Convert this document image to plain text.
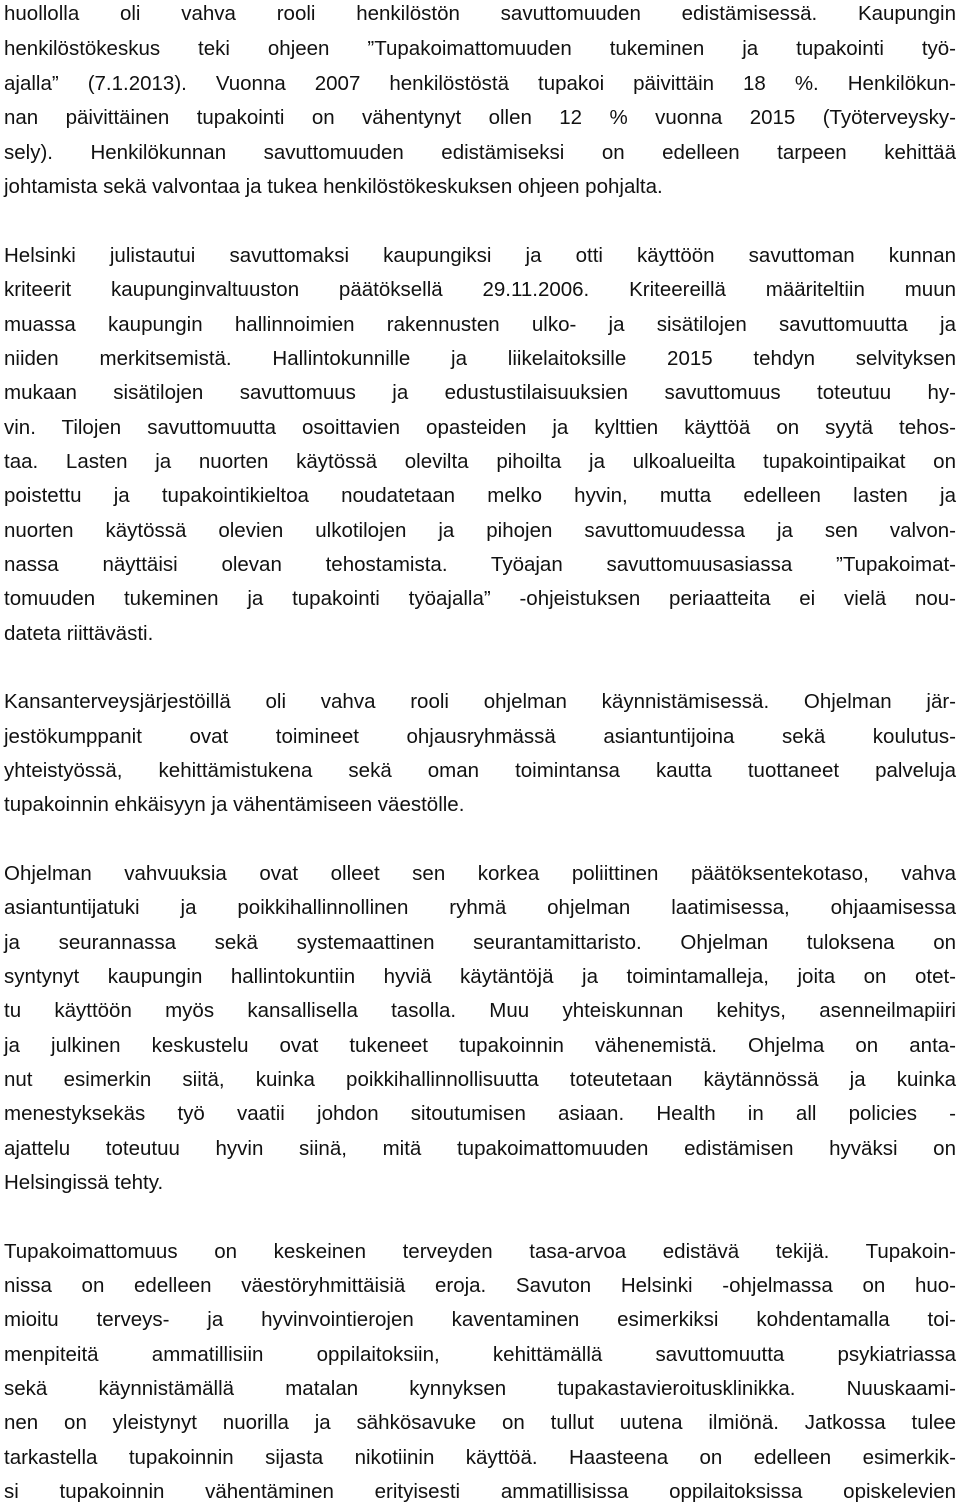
huollolla oli vahva rooli henkilöstön savuttomuuden edistämisessä. Kaupungin
henkilöstökeskus teki ohjeen ”Tupakoimattomuuden tukeminen ja tupakointi työ-
ajalla” (7.1.2013). Vuonna 2007 henkilöstöstä tupakoi päivittäin 18 %. Henkilökun-
nan päivittäinen tupakointi on vähentynyt ollen 12 % vuonna 2015 (Työterveysky-
sely). Henkilökunnan savuttomuuden edistämiseksi on edelleen tarpeen kehittää
johtamista sekä valvontaa ja tukea henkilöstökeskuksen ohjeen pohjalta.
Helsinki julistautui savuttomaksi kaupungiksi ja otti käyttöön savuttoman kunnan
kriteerit kaupunginvaltuuston päätöksellä 29.11.2006. Kriteereillä määriteltiin muun
muassa kaupungin hallinnoimien rakennusten ulko- ja sisätilojen savuttomuutta ja
niiden merkitsemistä. Hallintokunnille ja liikelaitoksille 2015 tehdyn selvityksen
mukaan sisätilojen savuttomuus ja edustustilaisuuksien savuttomuus toteutuu hy-
vin. Tilojen savuttomuutta osoittavien opasteiden ja kylttien käyttöä on syytä tehos-
taa. Lasten ja nuorten käytössä olevilta pihoilta ja ulkoalueilta tupakointipaikat on
poistettu ja tupakointikieltoa noudatetaan melko hyvin, mutta edelleen lasten ja
nuorten käytössä olevien ulkotilojen ja pihojen savuttomuudessa ja sen valvon-
nassa näyttäisi olevan tehostamista. Työajan savuttomuusasiassa ”Tupakoimat-
tomuuden tukeminen ja tupakointi työajalla” -ohjeistuksen periaatteita ei vielä nou-
dateta riittävästi.
Kansanterveysjärjestöillä oli vahva rooli ohjelman käynnistämisessä. Ohjelman jär-
jestökumppanit ovat toimineet ohjausryhmässä asiantuntijoina sekä koulutus-
yhteistyössä, kehittämistukena sekä oman toimintansa kautta tuottaneet palveluja
tupakoinnin ehkäisyyn ja vähentämiseen väestölle.
Ohjelman vahvuuksia ovat olleet sen korkea poliittinen päätöksentekotaso, vahva
asiantuntijatuki ja poikkihallinnollinen ryhmä ohjelman laatimisessa, ohjaamisessa
ja seurannassa sekä systemaattinen seurantamittaristo. Ohjelman tuloksena on
syntynyt kaupungin hallintokuntiin hyviä käytäntöjä ja toimintamalleja, joita on otet-
tu käyttöön myös kansallisella tasolla. Muu yhteiskunnan kehitys, asenneilmapiiri
ja julkinen keskustelu ovat tukeneet tupakoinnin vähenemistä. Ohjelma on anta-
nut esimerkin siitä, kuinka poikkihallinnollisuutta toteutetaan käytännössä ja kuinka
menestyksekäs työ vaatii johdon sitoutumisen asiaan. Health in all policies -
ajattelu toteutuu hyvin siinä, mitä tupakoimattomuuden edistämisen hyväksi on
Helsingissä tehty.
Tupakoimattomuus on keskeinen terveyden tasa-arvoa edistävä tekijä. Tupakoin-
nissa on edelleen väestöryhmittäisiä eroja. Savuton Helsinki -ohjelmassa on huo-
mioitu terveys- ja hyvinvointierojen kaventaminen esimerkiksi kohdentamalla toi-
menpiteitä ammatillisiin oppilaitoksiin, kehittämällä savuttomuutta psykiatriassa
sekä käynnistämällä matalan kynnyksen tupakastavieroitusklinikka. Nuuskaami-
nen on yleistynyt nuorilla ja sähkösavuke on tullut uutena ilmiönä. Jatkossa tulee
tarkastella tupakoinnin sijasta nikotiinin käyttöä. Haasteena on edelleen esimerkik-
si tupakoinnin vähentäminen erityisesti ammatillisissa oppilaitoksissa opiskelevien
